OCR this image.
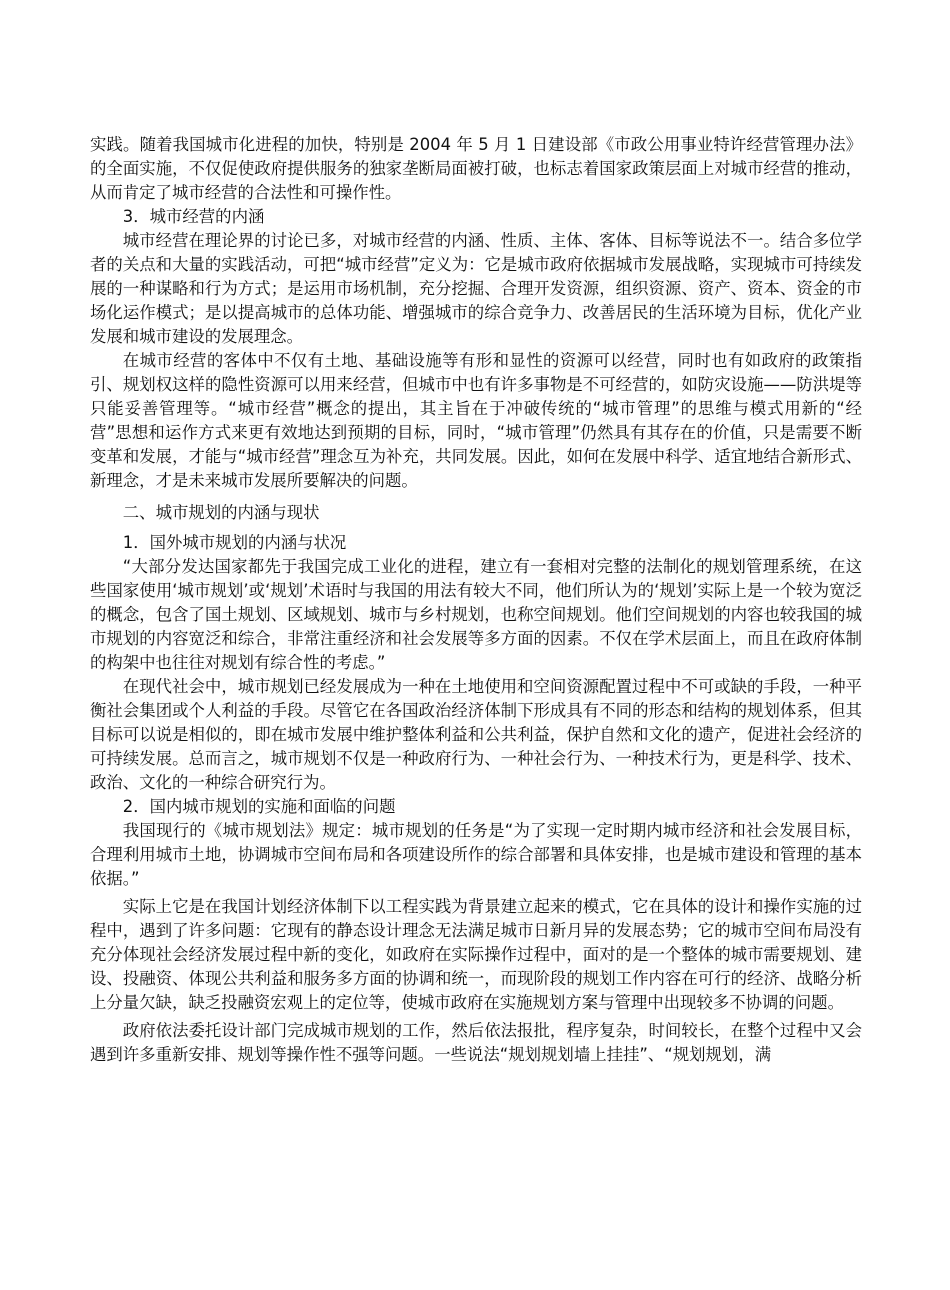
实践。随着我国城市化进程的加快，特别是 2004 年 5 月 1 日建设部《市政公用事业特许经营管理办法》的全面实施，不仅促使政府提供服务的独家垄断局面被打破，也标志着国家政策层面上对城市经营的推动，从而肯定了城市经营的合法性和可操作性。

3．城市经营的内涵

城市经营在理论界的讨论已多，对城市经营的内涵、性质、主体、客体、目标等说法不一。结合多位学者的关点和大量的实践活动，可把“城市经营”定义为：它是城市政府依据城市发展战略，实现城市可持续发展的一种谋略和行为方式；是运用市场机制，充分挖掘、合理开发资源，组织资源、资产、资本、资金的市场化运作模式；是以提高城市的总体功能、增强城市的综合竞争力、改善居民的生活环境为目标，优化产业发展和城市建设的发展理念。

在城市经营的客体中不仅有土地、基础设施等有形和显性的资源可以经营，同时也有如政府的政策指引、规划权这样的隐性资源可以用来经营，但城市中也有许多事物是不可经营的，如防灾设施——防洪堤等只能妥善管理等。“城市经营”概念的提出，其主旨在于冲破传统的“城市管理”的思维与模式用新的“经营”思想和运作方式来更有效地达到预期的目标，同时，“城市管理”仍然具有其存在的价值，只是需要不断变革和发展，才能与“城市经营”理念互为补充，共同发展。因此，如何在发展中科学、适宜地结合新形式、新理念，才是未来城市发展所要解决的问题。

二、城市规划的内涵与现状

1．国外城市规划的内涵与状况

“大部分发达国家都先于我国完成工业化的进程，建立有一套相对完整的法制化的规划管理系统，在这些国家使用‘城市规划’或‘规划’术语时与我国的用法有较大不同，他们所认为的‘规划’实际上是一个较为宽泛的概念，包含了国土规划、区域规划、城市与乡村规划，也称空间规划。他们空间规划的内容也较我国的城市规划的内容宽泛和综合，非常注重经济和社会发展等多方面的因素。不仅在学术层面上，而且在政府体制的构架中也往往对规划有综合性的考虑。”

在现代社会中，城市规划已经发展成为一种在土地使用和空间资源配置过程中不可或缺的手段，一种平衡社会集团或个人利益的手段。尽管它在各国政治经济体制下形成具有不同的形态和结构的规划体系，但其目标可以说是相似的，即在城市发展中维护整体利益和公共利益，保护自然和文化的遗产，促进社会经济的可持续发展。总而言之，城市规划不仅是一种政府行为、一种社会行为、一种技术行为，更是科学、技术、政治、文化的一种综合研究行为。

2．国内城市规划的实施和面临的问题

我国现行的《城市规划法》规定：城市规划的任务是“为了实现一定时期内城市经济和社会发展目标，合理利用城市土地，协调城市空间布局和各项建设所作的综合部署和具体安排，也是城市建设和管理的基本依据。”

实际上它是在我国计划经济体制下以工程实践为背景建立起来的模式，它在具体的设计和操作实施的过程中，遇到了许多问题：它现有的静态设计理念无法满足城市日新月异的发展态势；它的城市空间布局没有充分体现社会经济发展过程中新的变化，如政府在实际操作过程中，面对的是一个整体的城市需要规划、建设、投融资、体现公共利益和服务多方面的协调和统一，而现阶段的规划工作内容在可行的经济、战略分析上分量欠缺，缺乏投融资宏观上的定位等，使城市政府在实施规划方案与管理中出现较多不协调的问题。

政府依法委托设计部门完成城市规划的工作，然后依法报批，程序复杂，时间较长，在整个过程中又会遇到许多重新安排、规划等操作性不强等问题。一些说法“规划规划墙上挂挂”、“规划规划，满
